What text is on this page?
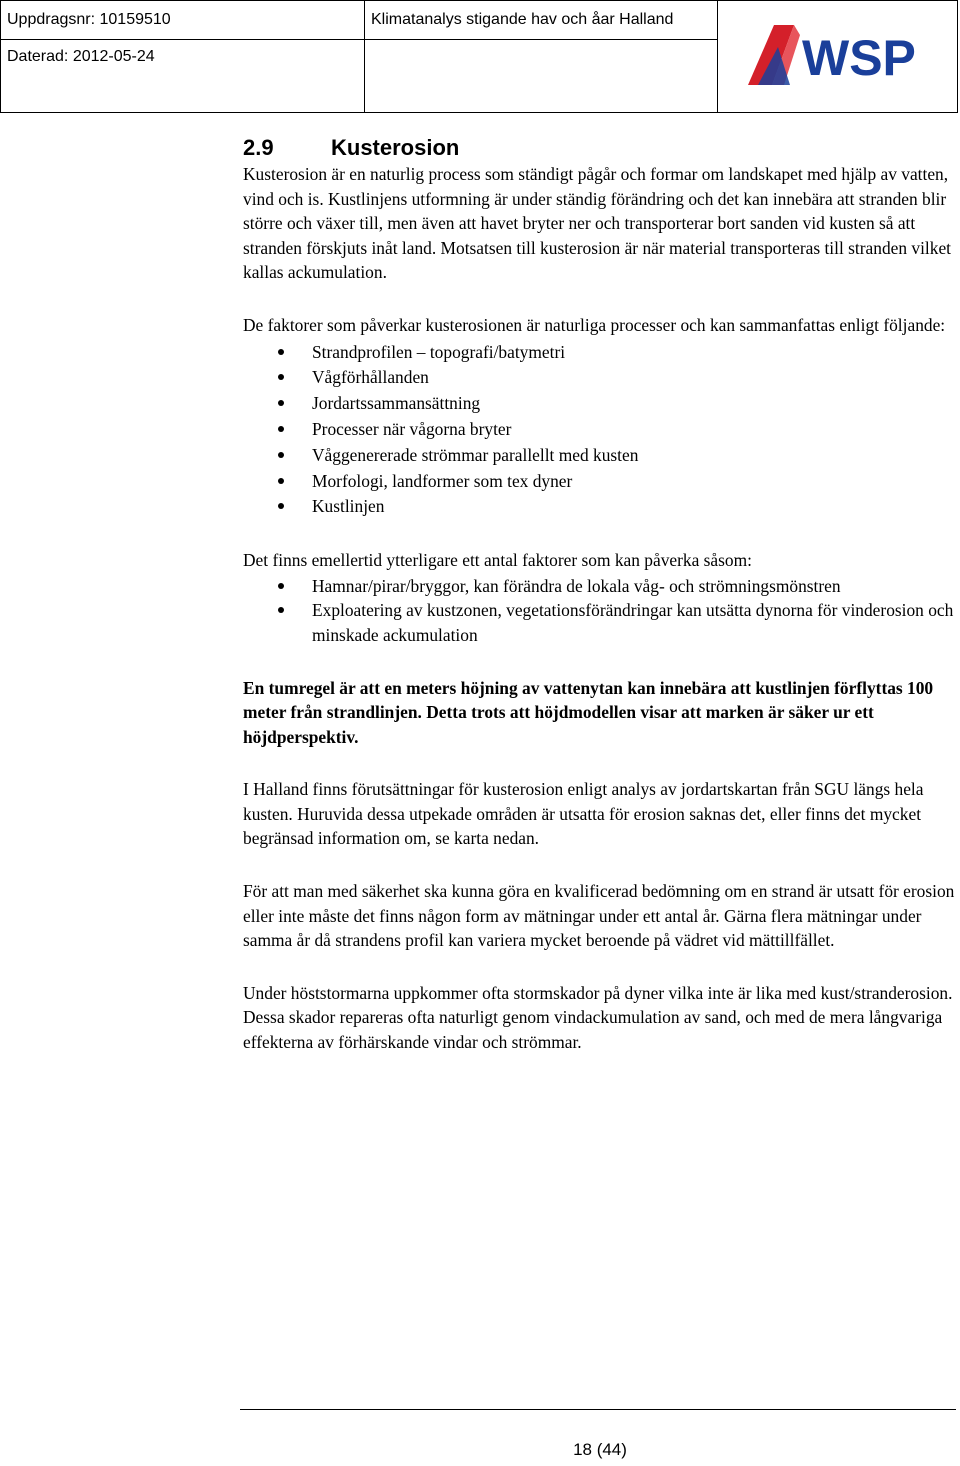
Uppdragsnr: 10159510	Klimatanalys stigande hav och åar Halland	WSP

Daterad: 2012-05-24		
2.9	Kusterosion

Kusterosion är en naturlig process som ständigt pågår och formar om landskapet med hjälp av vatten, vind och is. Kustlinjens utformning är under ständig förändring och det kan innebära att stranden blir större och växer till, men även att havet bryter ner och transporterar bort sanden vid kusten så att stranden förskjuts inåt land. Motsatsen till kusterosion är när material transporteras till stranden vilket kallas ackumulation.

De faktorer som påverkar kusterosionen är naturliga processer och kan sammanfattas enligt följande:

Strandprofilen – topografi/batymetri
Vågförhållanden
Jordartssammansättning
Processer när vågorna bryter
Våggenererade strömmar parallellt med kusten
Morfologi, landformer som tex dyner
Kustlinjen

Det finns emellertid ytterligare ett antal faktorer som kan påverka såsom:

Hamnar/pirar/bryggor, kan förändra de lokala våg- och strömningsmönstren
Exploatering av kustzonen, vegetationsförändringar kan utsätta dynorna för vinderosion och minskade ackumulation

En tumregel är att en meters höjning av vattenytan kan innebära att kustlinjen förflyttas 100 meter från strandlinjen. Detta trots att höjdmodellen visar att marken är säker ur ett höjdperspektiv.

I Halland finns förutsättningar för kusterosion enligt analys av jordartskartan från SGU längs hela kusten. Huruvida dessa utpekade områden är utsatta för erosion saknas det, eller finns det mycket begränsad information om, se karta nedan.

För att man med säkerhet ska kunna göra en kvalificerad bedömning om en strand är utsatt för erosion eller inte måste det finns någon form av mätningar under ett antal år. Gärna flera mätningar under samma år då strandens profil kan variera mycket beroende på vädret vid mättillfället.

Under höststormarna uppkommer ofta stormskador på dyner vilka inte är lika med kust/stranderosion. Dessa skador repareras ofta naturligt genom vindackumulation av sand, och med de mera långvariga effekterna av förhärskande vindar och strömmar.

18 (44)
